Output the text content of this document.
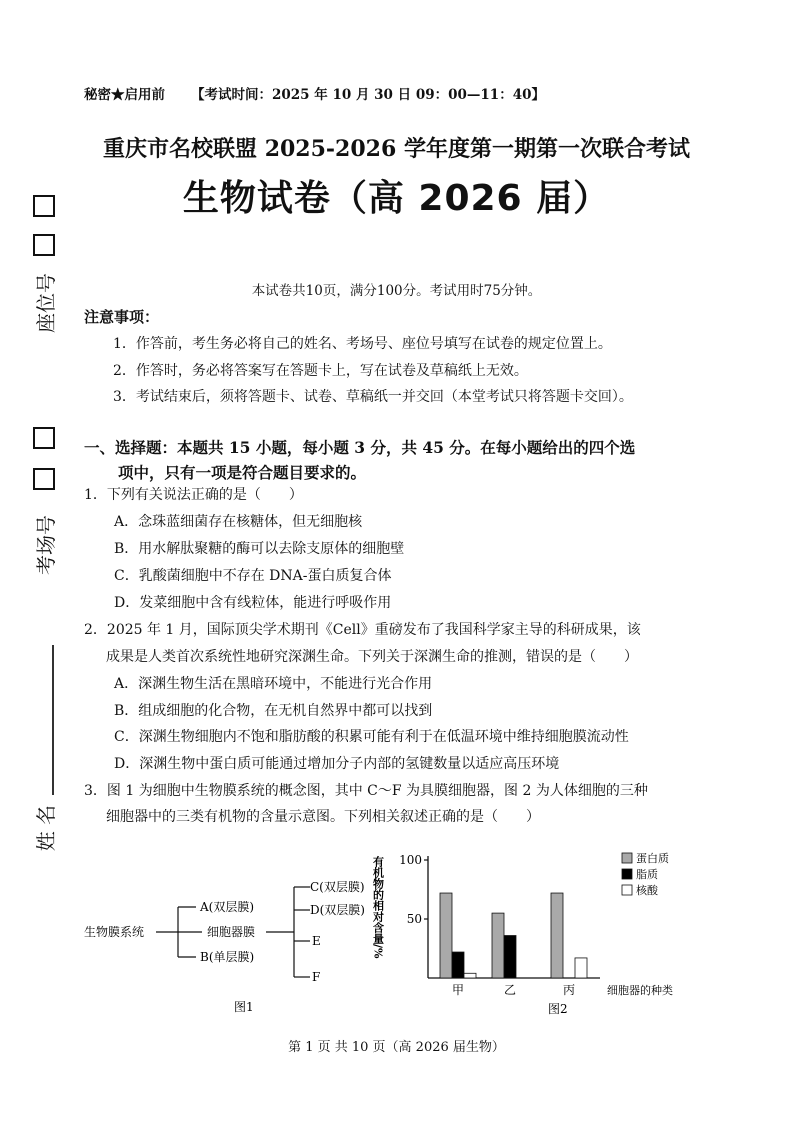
座位号
考场号
姓 名
秘密★启用前 【考试时间：2025 年 10 月 30 日 09：00—11：40】
重庆市名校联盟 2025-2026 学年度第一期第一次联合考试
生物试卷（高 2026 届）
本试卷共10页，满分100分。考试用时75分钟。
注意事项：
1．作答前，考生务必将自己的姓名、考场号、座位号填写在试卷的规定位置上。
2．作答时，务必将答案写在答题卡上，写在试卷及草稿纸上无效。
3．考试结束后，须将答题卡、试卷、草稿纸一并交回（本堂考试只将答题卡交回）。
一、选择题：本题共 15 小题，每小题 3 分，共 45 分。在每小题给出的四个选
项中，只有一项是符合题目要求的。
1．下列有关说法正确的是（　　）
A．念珠蓝细菌存在核糖体，但无细胞核
B．用水解肽聚糖的酶可以去除支原体的细胞壁
C．乳酸菌细胞中不存在 DNA-蛋白质复合体
D．发菜细胞中含有线粒体，能进行呼吸作用
2．2025 年 1 月，国际顶尖学术期刊《Cell》重磅发布了我国科学家主导的科研成果，该
成果是人类首次系统性地研究深渊生命。下列关于深渊生命的推测，错误的是（　　）
A．深渊生物生活在黑暗环境中，不能进行光合作用
B．组成细胞的化合物，在无机自然界中都可以找到
C．深渊生物细胞内不饱和脂肪酸的积累可能有利于在低温环境中维持细胞膜流动性
D．深渊生物中蛋白质可能通过增加分子内部的氢键数量以适应高压环境
3．图 1 为细胞中生物膜系统的概念图，其中 C～F 为具膜细胞器，图 2 为人体细胞的三种
细胞器中的三类有机物的含量示意图。下列相关叙述正确的是（　　）
生物膜系统
A(双层膜)
细胞器膜
B(单层膜)
C(双层膜)
D(双层膜)
E
F
图1
有机物的相对含量/% 100
50
甲	乙	丙	细胞器的种类
蛋白质
脂质
核酸
图2
第 1 页 共 10 页（高 2026 届生物）
